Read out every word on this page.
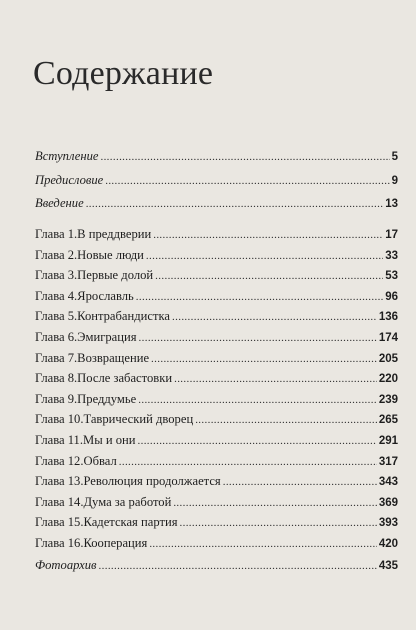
Содержание
Вступление . . .	5
Предисловие . . .	9
Введение . . .	13
Глава 1. В преддверии . . .	17
Глава 2. Новые люди . . .	33
Глава 3. Первые долой . . .	53
Глава 4. Ярославль . . .	96
Глава 5. Контрабандистка . . .	136
Глава 6. Эмиграция . . .	174
Глава 7. Возвращение . . .	205
Глава 8. После забастовки . . .	220
Глава 9. Преддумье . . .	239
Глава 10. Таврический дворец . . .	265
Глава 11. Мы и они . . .	291
Глава 12. Обвал . . .	317
Глава 13. Революция продолжается . . .	343
Глава 14. Дума за работой . . .	369
Глава 15. Кадетская партия . . .	393
Глава 16. Кооперация . . .	420
Фотоархив . . .	435
